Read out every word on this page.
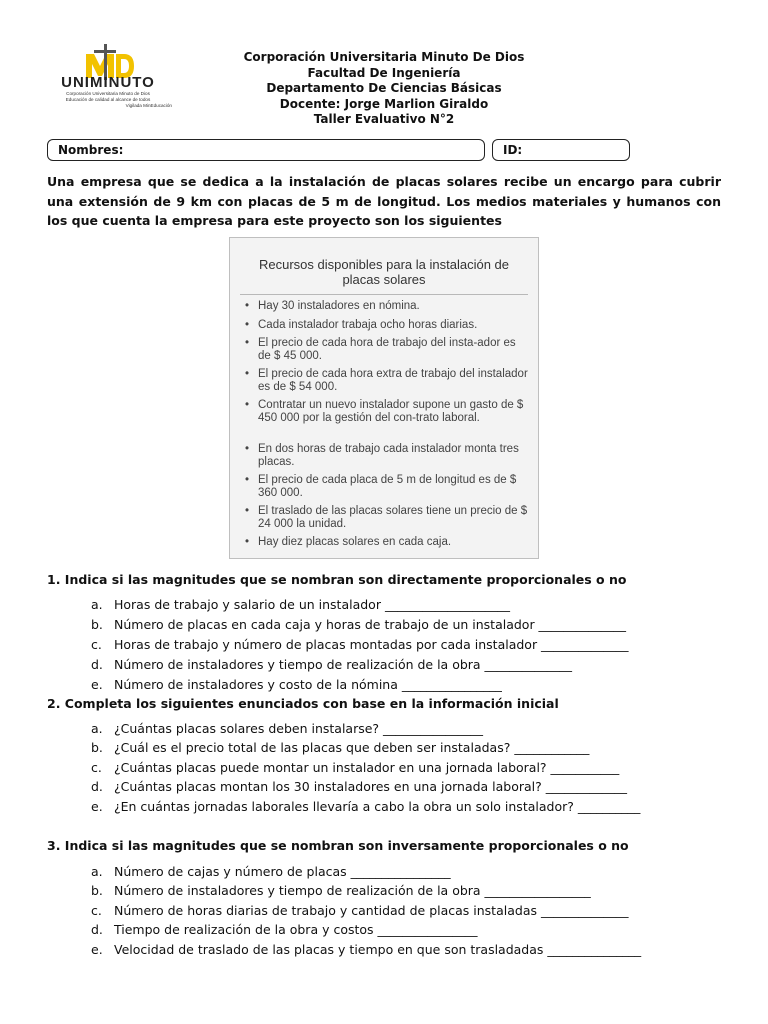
UNIMINUTO
Corporación Universitaria Minuto de Dios
Educación de calidad al alcance de todos
Vigilada MinEducación
Corporación Universitaria Minuto De Dios
Facultad De Ingeniería
Departamento De Ciencias Básicas
Docente: Jorge Marlion Giraldo
Taller Evaluativo N°2
Nombres:	ID:
Una empresa que se dedica a la instalación de placas solares recibe un encargo para cubrir una extensión de 9 km con placas de 5 m de longitud. Los medios materiales y humanos con los que cuenta la empresa para este proyecto son los siguientes
Recursos disponibles para la instalación de placas solares
• Hay 30 instaladores en nómina.
• Cada instalador trabaja ocho horas diarias.
• El precio de cada hora de trabajo del insta-ador es de $ 45 000.
• El precio de cada hora extra de trabajo del instalador es de $ 54 000.
• Contratar un nuevo instalador supone un gasto de $ 450 000 por la gestión del con-trato laboral.
• En dos horas de trabajo cada instalador monta tres placas.
• El precio de cada placa de 5 m de longitud es de $ 360 000.
• El traslado de las placas solares tiene un precio de $ 24 000 la unidad.
• Hay diez placas solares en cada caja.
1. Indica si las magnitudes que se nombran son directamente proporcionales o no
a. Horas de trabajo y salario de un instalador ____________________
b. Número de placas en cada caja y horas de trabajo de un instalador ______________
c. Horas de trabajo y número de placas montadas por cada instalador ______________
d. Número de instaladores y tiempo de realización de la obra ______________
e. Número de instaladores y costo de la nómina ________________
2. Completa los siguientes enunciados con base en la información inicial
a. ¿Cuántas placas solares deben instalarse? ________________
b. ¿Cuál es el precio total de las placas que deben ser instaladas? ____________
c. ¿Cuántas placas puede montar un instalador en una jornada laboral? ___________
d. ¿Cuántas placas montan los 30 instaladores en una jornada laboral? _____________
e. ¿En cuántas jornadas laborales llevaría a cabo la obra un solo instalador? __________
3. Indica si las magnitudes que se nombran son inversamente proporcionales o no
a. Número de cajas y número de placas ________________
b. Número de instaladores y tiempo de realización de la obra _________________
c. Número de horas diarias de trabajo y cantidad de placas instaladas ______________
d. Tiempo de realización de la obra y costos ________________
e. Velocidad de traslado de las placas y tiempo en que son trasladadas _______________
